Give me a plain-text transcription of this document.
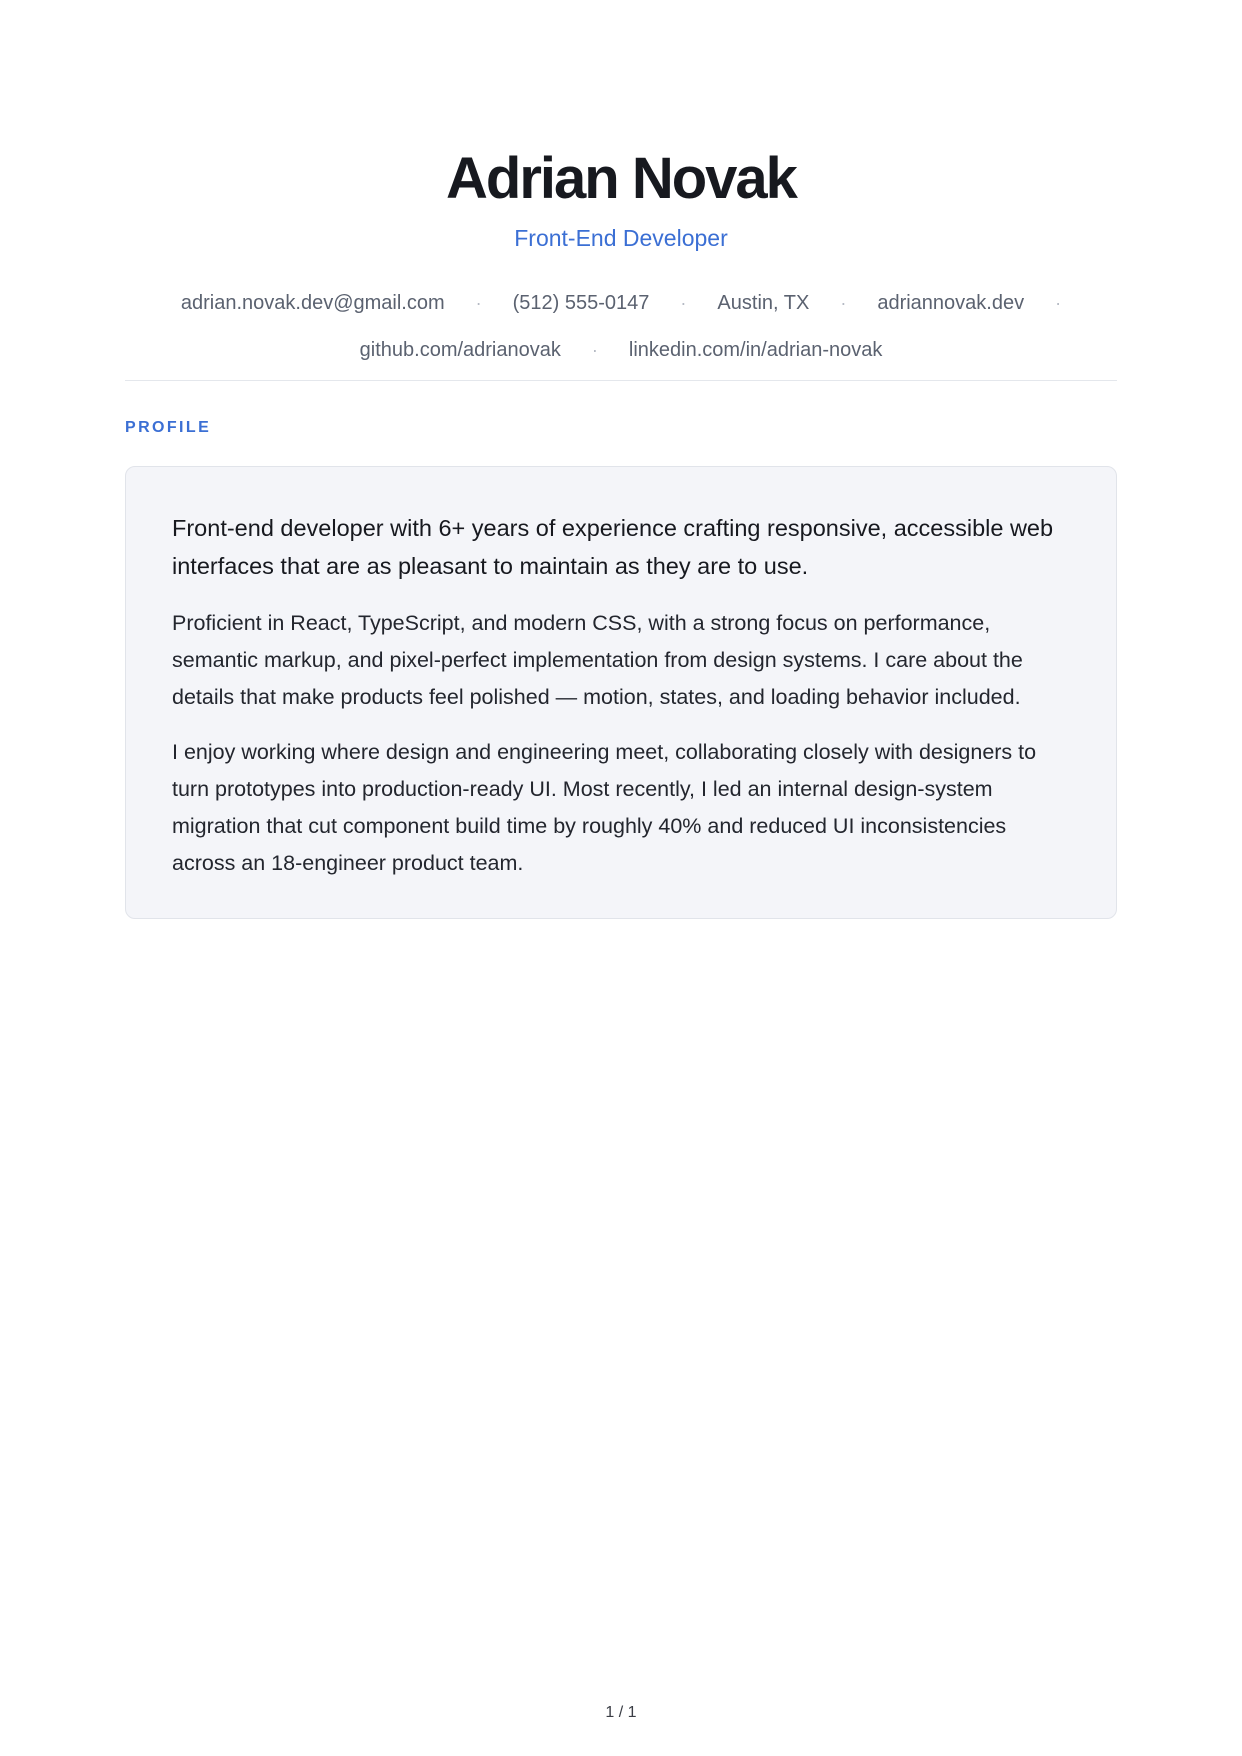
Adrian Novak
Front-End Developer
adrian.novak.dev@gmail.com · (512) 555-0147 · Austin, TX · adriannovak.dev ·
github.com/adrianovak · linkedin.com/in/adrian-novak
PROFILE

Front-end developer with 6+ years of experience crafting responsive, accessible web interfaces that are as pleasant to maintain as they are to use.

Proficient in React, TypeScript, and modern CSS, with a strong focus on performance, semantic markup, and pixel-perfect implementation from design systems. I care about the details that make products feel polished — motion, states, and loading behavior included.

I enjoy working where design and engineering meet, collaborating closely with designers to turn prototypes into production-ready UI. Most recently, I led an internal design-system migration that cut component build time by roughly 40% and reduced UI inconsistencies across an 18-engineer product team.

1 / 1
